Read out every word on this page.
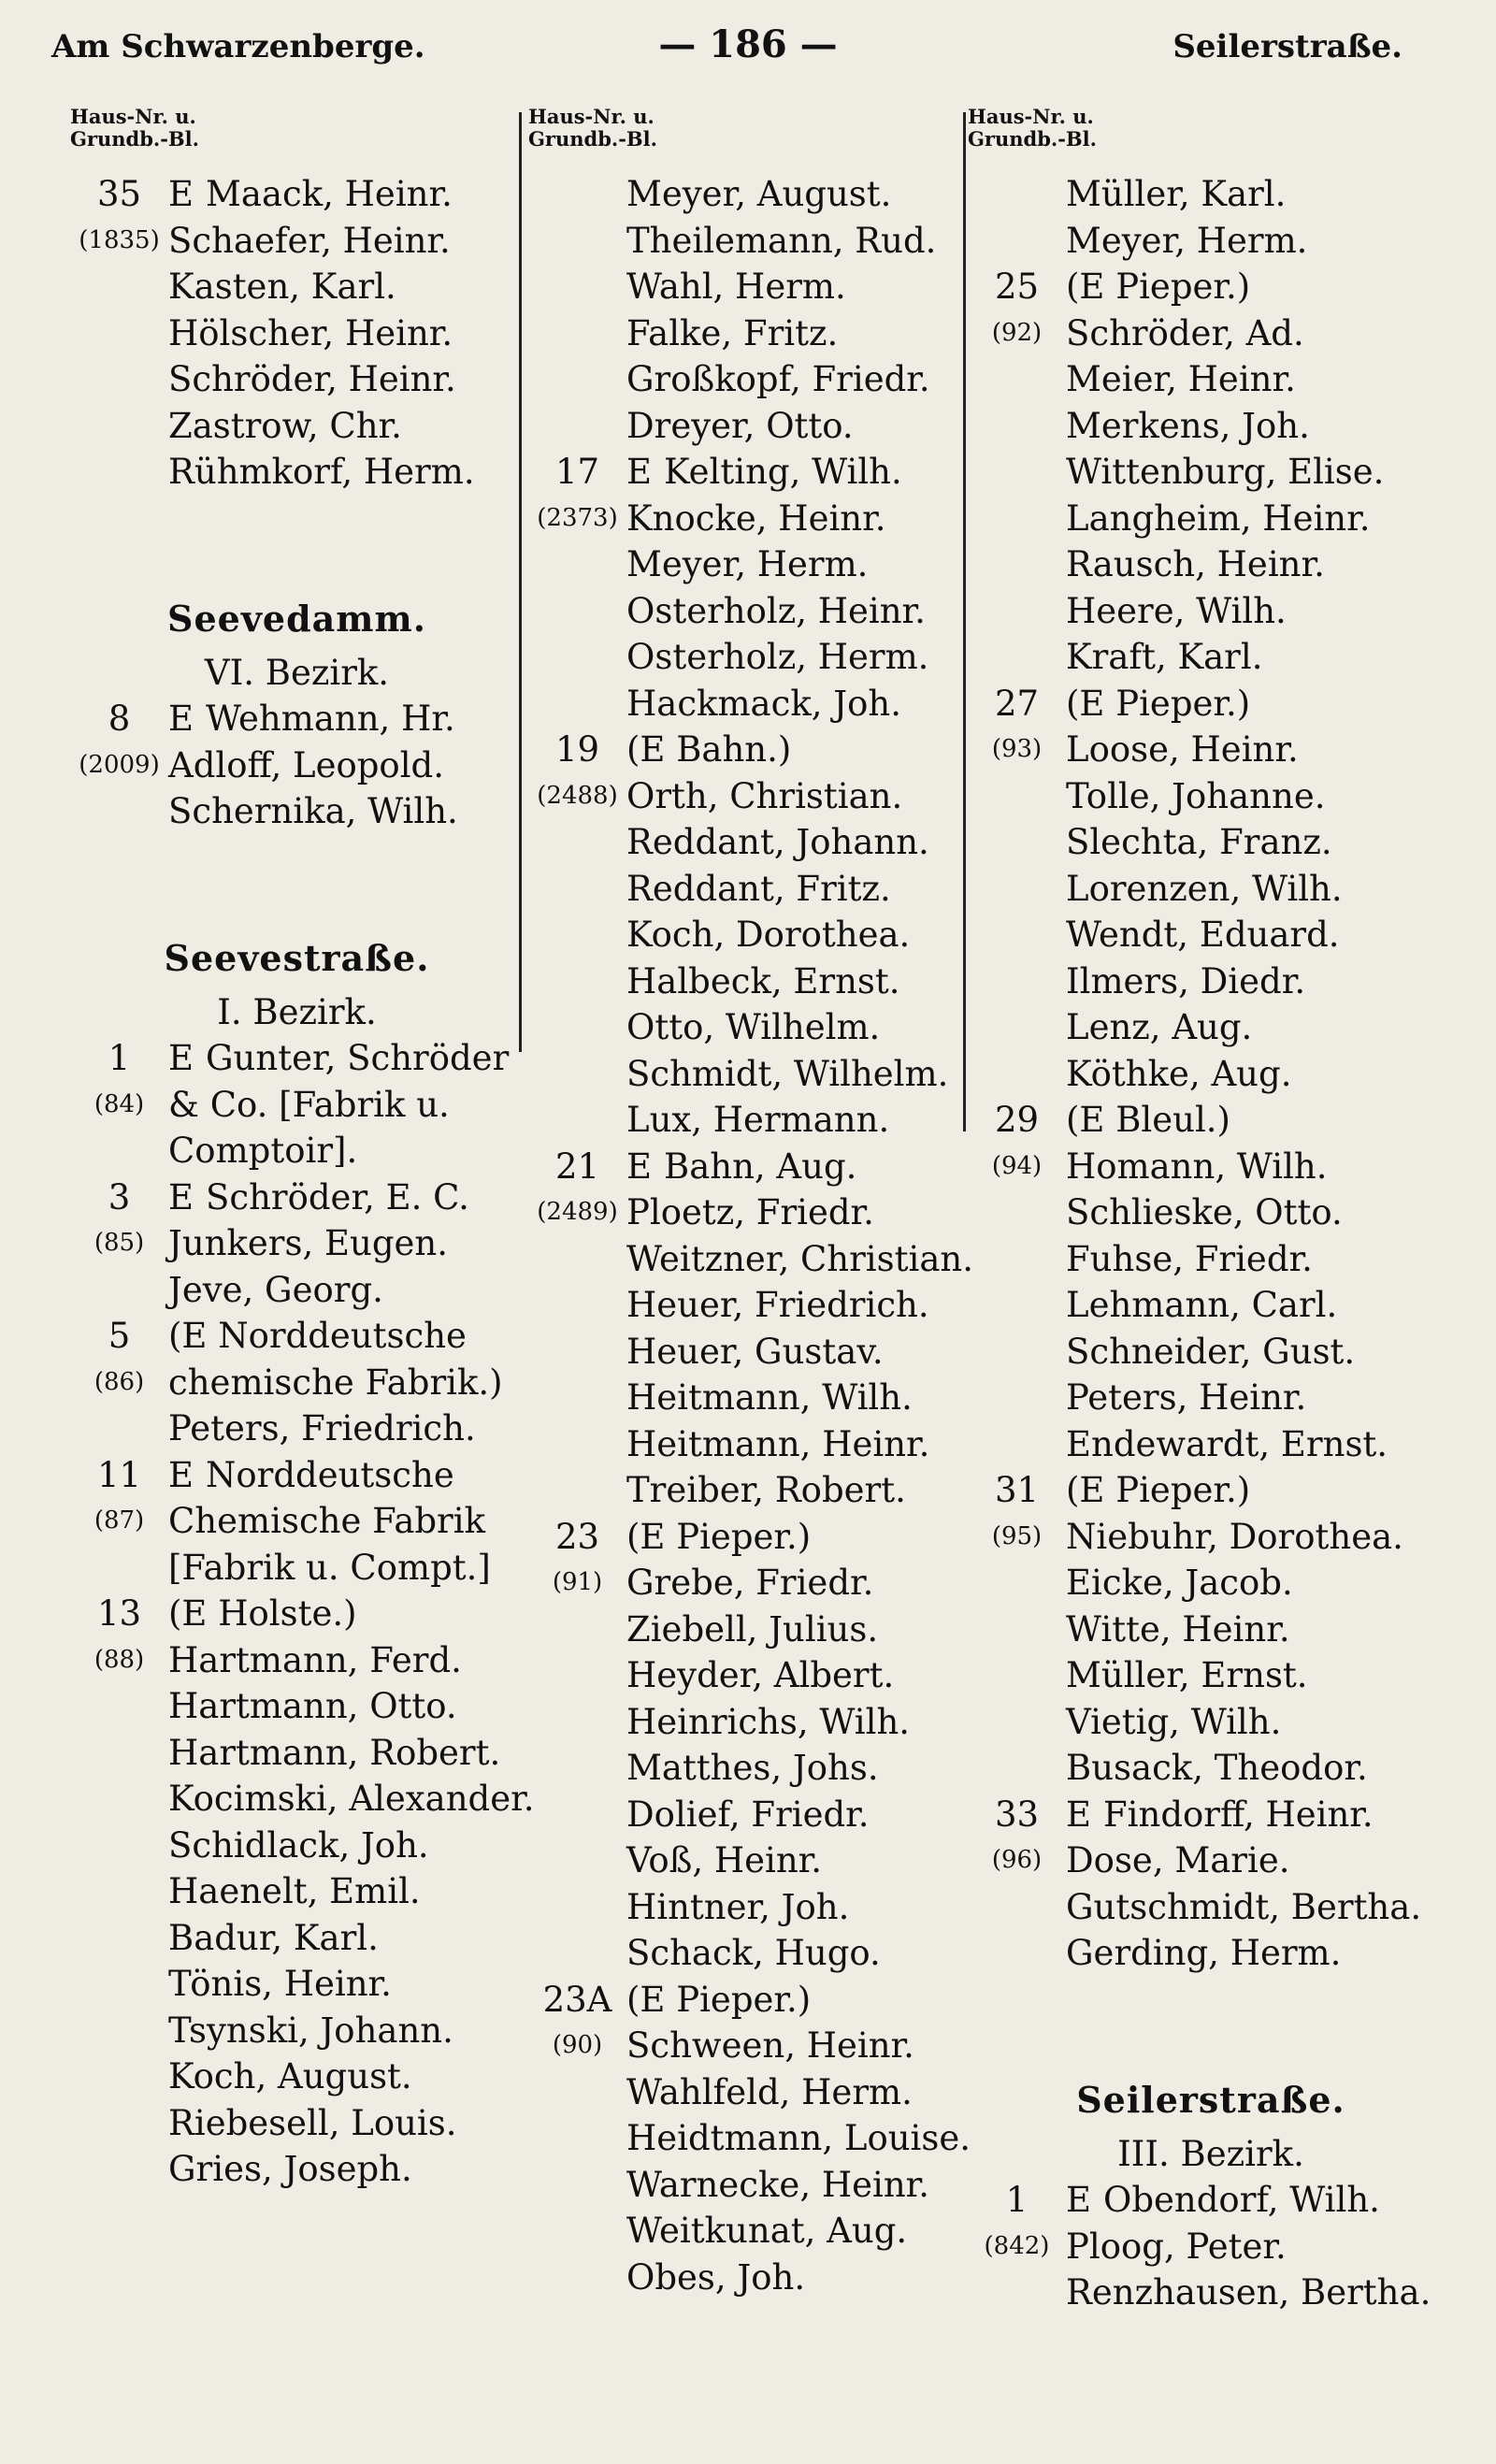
Am Schwarzenberge.	— 186 —	Seilerstraße.
Haus-Nr. u.
Grundb.-Bl.
35 E Maack, Heinr.
(1835) Schaefer, Heinr.
Kasten, Karl.
Hölscher, Heinr.
Schröder, Heinr.
Zastrow, Chr.
Rühmkorf, Herm.
Seevedamm.
VI. Bezirk.
8	E Wehmann, Hr.
(2009) Adloff, Leopold.
Schernika, Wilh.
Seevestraße.
I. Bezirk.
1	E Gunter, Schröder
(84) & Co. [Fabrik u.
Comptoir].
3	E Schröder, E. C.
(85) Junkers, Eugen.
Jeve, Georg.
5	(E Norddeutsche
(86) chemische Fabrik.)
Peters, Friedrich.
11 E Norddeutsche
(87) Chemische Fabrik
[Fabrik u. Compt.]
13 (E Holste.)
(88) Hartmann, Ferd.
Hartmann, Otto.
Hartmann, Robert.
Kocimski, Alexander.
Schidlack, Joh.
Haenelt, Emil.
Badur, Karl.
Tönis, Heinr.
Tsynski, Johann.
Koch, August.
Riebesell, Louis.
Gries, Joseph.
Haus-Nr. u.
Grundb.-Bl.
Meyer, August.
Theilemann, Rud.
Wahl, Herm.
Falke, Fritz.
Großkopf, Friedr.
Dreyer, Otto.
17 E Kelting, Wilh.
(2373) Knocke, Heinr.
Meyer, Herm.
Osterholz, Heinr.
Osterholz, Herm.
Hackmack, Joh.
19 (E Bahn.)
(2488) Orth, Christian.
Reddant, Johann.
Reddant, Fritz.
Koch, Dorothea.
Halbeck, Ernst.
Otto, Wilhelm.
Schmidt, Wilhelm.
Lux, Hermann.
21 E Bahn, Aug.
(2489) Ploetz, Friedr.
Weitzner, Christian.
Heuer, Friedrich.
Heuer, Gustav.
Heitmann, Wilh.
Heitmann, Heinr.
Treiber, Robert.
23 (E Pieper.)
(91) Grebe, Friedr.
Ziebell, Julius.
Heyder, Albert.
Heinrichs, Wilh.
Matthes, Johs.
Dolief, Friedr.
Voß, Heinr.
Hintner, Joh.
Schack, Hugo.
23A (E Pieper.)
(90) Schween, Heinr.
Wahlfeld, Herm.
Heidtmann, Louise.
Warnecke, Heinr.
Weitkunat, Aug.
Obes, Joh.
Haus-Nr. u.
Grundb.-Bl.
Müller, Karl.
Meyer, Herm.
25 (E Pieper.)
(92) Schröder, Ad.
Meier, Heinr.
Merkens, Joh.
Wittenburg, Elise.
Langheim, Heinr.
Rausch, Heinr.
Heere, Wilh.
Kraft, Karl.
27 (E Pieper.)
(93) Loose, Heinr.
Tolle, Johanne.
Slechta, Franz.
Lorenzen, Wilh.
Wendt, Eduard.
Ilmers, Diedr.
Lenz, Aug.
Köthke, Aug.
29 (E Bleul.)
(94) Homann, Wilh.
Schlieske, Otto.
Fuhse, Friedr.
Lehmann, Carl.
Schneider, Gust.
Peters, Heinr.
Endewardt, Ernst.
31 (E Pieper.)
(95) Niebuhr, Dorothea.
Eicke, Jacob.
Witte, Heinr.
Müller, Ernst.
Vietig, Wilh.
Busack, Theodor.
33 E Findorff, Heinr.
(96) Dose, Marie.
Gutschmidt, Bertha.
Gerding, Herm.
Seilerstraße.
III. Bezirk.
1	E Obendorf, Wilh.
(842) Ploog, Peter.
Renzhausen, Bertha.
